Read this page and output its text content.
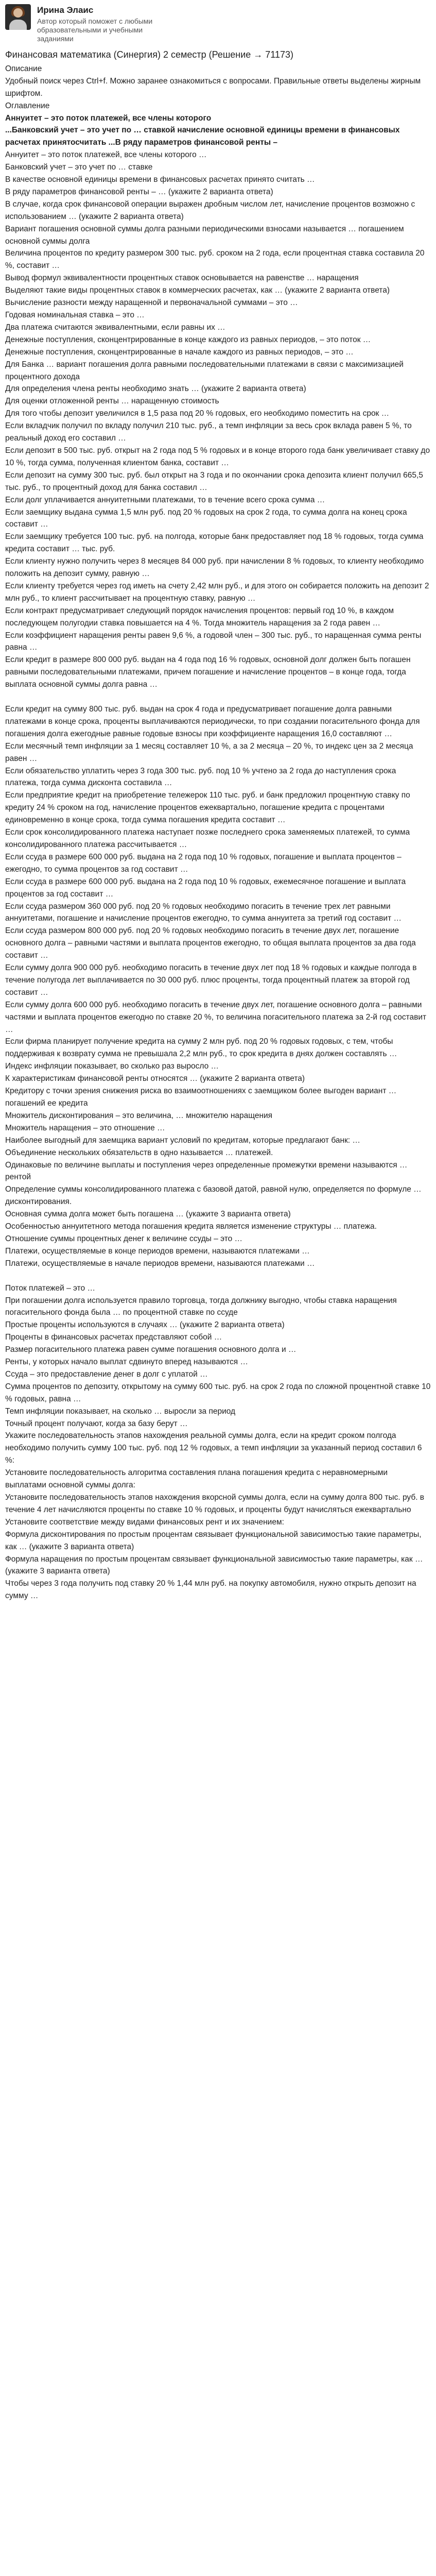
Ирина Элаис
Автор который поможет с любыми образовательными и учебными заданиями
Финансовая математика (Синергия) 2 семестр (Решение → 71173)
Описание
Удобный поиск через Ctrl+f. Можно заранее ознакомиться с вопросами. Правильные ответы выделены жирным шрифтом.
Оглавление
Аннуитет – это поток платежей, все члены которого
...Банковский учет – это учет по … ставкой начисление основной единицы времени в финансовых расчетах принятосчитать ...В ряду параметров финансовой ренты –
Аннуитет – это поток платежей, все члены которого …
Банковский учет – это учет по … ставке
В качестве основной единицы времени в финансовых расчетах принято считать …
В ряду параметров финансовой ренты – … (укажите 2 варианта ответа)
В случае, когда срок финансовой операции выражен дробным числом лет, начисление процентов возможно с использованием … (укажите 2 варианта ответа)
Вариант погашения основной суммы долга разными периодическими взносами называется … погашением основной суммы долга
Величина процентов по кредиту размером 300 тыс. руб. сроком на 2 года, если процентная ставка составила 20 %, составит …
Вывод формул эквивалентности процентных ставок основывается на равенстве … наращения
Выделяют такие виды процентных ставок в коммерческих расчетах, как … (укажите 2 варианта ответа)
Вычисление разности между наращенной и первоначальной суммами – это …
Годовая номинальная ставка – это …
Два платежа считаются эквивалентными, если равны их …
Денежные поступления, сконцентрированные в конце каждого из равных периодов, – это поток …
Денежные поступления, сконцентрированные в начале каждого из равных периодов, – это …
Для Банка … вариант погашения долга равными последовательными платежами в связи с максимизацией процентного дохода
Для определения члена ренты необходимо знать … (укажите 2 варианта ответа)
Для оценки отложенной ренты … наращенную стоимость
Для того чтобы депозит увеличился в 1,5 раза под 20 % годовых, его необходимо поместить на срок …
Если вкладчик получил по вкладу получил 210 тыс. руб., а темп инфляции за весь срок вклада равен 5 %, то реальный доход его составил …
Если депозит в 500 тыс. руб. открыт на 2 года под 5 % годовых и в конце второго года банк увеличивает ставку до 10 %, тогда сумма, полученная клиентом банка, составит …
Если депозит на сумму 300 тыс. руб. был открыт на 3 года и по окончании срока депозита клиент получил 665,5 тыс. руб., то процентный доход для банка составил …
Если долг уплачивается аннуитетными платежами, то в течение всего срока сумма …
Если заемщику выдана сумма 1,5 млн руб. под 20 % годовых на срок 2 года, то сумма долга на конец срока составит …
Если заемщику требуется 100 тыс. руб. на полгода, которые банк предоставляет под 18 % годовых, тогда сумма кредита составит … тыс. руб.
Если клиенту нужно получить через 8 месяцев 84 000 руб. при начислении 8 % годовых, то клиенту необходимо положить на депозит сумму, равную …
Если клиенту требуется через год иметь на счету 2,42 млн руб., и для этого он собирается положить на депозит 2 млн руб., то клиент рассчитывает на процентную ставку, равную …
Если контракт предусматривает следующий порядок начисления процентов: первый год 10 %, в каждом последующем полугодии ставка повышается на 4 %. Тогда множитель наращения за 2 года равен …
Если коэффициент наращения ренты равен 9,6 %, а годовой член – 300 тыс. руб., то наращенная сумма ренты равна …
Если кредит в размере 800 000 руб. выдан на 4 года под 16 % годовых, основной долг должен быть погашен равными последовательными платежами, причем погашение и начисление процентов – в конце года, тогда выплата основной суммы долга равна …

Если кредит на сумму 800 тыс. руб. выдан на срок 4 года и предусматривает погашение долга равными платежами в конце срока, проценты выплачиваются периодически, то при создании погасительного фонда для погашения долга ежегодные равные годовые взносы при коэффициенте наращения 16,0 составляют …
Если месячный темп инфляции за 1 месяц составляет 10 %, а за 2 месяца – 20 %, то индекс цен за 2 месяца равен …
Если обязательство уплатить через 3 года 300 тыс. руб. под 10 % учтено за 2 года до наступления срока платежа, тогда сумма дисконта составила …
Если предприятие кредит на приобретение тележерок 110 тыс. руб. и банк предложил процентную ставку по кредиту 24 % сроком на год, начисление процентов ежеквартально, погашение кредита с процентами единовременно в конце срока, тогда сумма погашения кредита составит …
Если срок консолидированного платежа наступает позже последнего срока заменяемых платежей, то сумма консолидированного платежа рассчитывается …
Если ссуда в размере 600 000 руб. выдана на 2 года под 10 % годовых, погашение и выплата процентов – ежегодно, то сумма процентов за год составит …
Если ссуда в размере 600 000 руб. выдана на 2 года под 10 % годовых, ежемесячное погашение и выплата процентов за год составит …
Если ссуда размером 360 000 руб. под 20 % годовых необходимо погасить в течение трех лет равными аннуитетами, погашение и начисление процентов ежегодно, то сумма аннуитета за третий год составит …
Если ссуда размером 800 000 руб. под 20 % годовых необходимо погасить в течение двух лет, погашение основного долга – равными частями и выплата процентов ежегодно, то общая выплата процентов за два года составит …
Если сумму долга 900 000 руб. необходимо погасить в течение двух лет под 18 % годовых и каждые полгода в течение полугода лет выплачивается по 30 000 руб. плюс проценты, тогда процентный платеж за второй год составит …
Если сумму долга 600 000 руб. необходимо погасить в течение двух лет, погашение основного долга – равными частями и выплата процентов ежегодно по ставке 20 %, то величина погасительного платежа за 2-й год составит …
Если фирма планирует получение кредита на сумму 2 млн руб. под 20 % годовых годовых, с тем, чтобы поддерживая к возврату сумма не превышала 2,2 млн руб., то срок кредита в днях должен составлять …
Индекс инфляции показывает, во сколько раз выросло …
К характеристикам финансовой ренты относятся … (укажите 2 варианта ответа)
Кредитору с точки зрения снижения риска во взаимоотношениях с заемщиком более выгоден вариант … погашений ее кредита
Множитель дисконтирования – это величина, … множителю наращения
Множитель наращения – это отношение …
Наиболее выгодный для заемщика вариант условий по кредитам, которые предлагают банк: …
Объединение нескольких обязательств в одно называется … платежей.
Одинаковые по величине выплаты и поступления через определенные промежутки времени называются … рентой
Определение суммы консолидированного платежа с базовой датой, равной нулю, определяется по формуле … дисконтирования.
Основная сумма долга может быть погашена … (укажите 3 варианта ответа)
Особенностью аннуитетного метода погашения кредита является изменение структуры … платежа.
Отношение суммы процентных денег к величине ссуды – это …
Платежи, осуществляемые в конце периодов времени, называются платежами …
Платежи, осуществляемые в начале периодов времени, называются платежами …

Поток платежей – это …
При погашении долга используется правило торговца, тогда должнику выгодно, чтобы ставка наращения погасительного фонда была … по процентной ставке по ссуде
Простые проценты используются в случаях … (укажите 2 варианта ответа)
Проценты в финансовых расчетах представляют собой …
Размер погасительного платежа равен сумме погашения основного долга и …
Ренты, у которых начало выплат сдвинуто вперед называются …
Ссуда – это предоставление денег в долг с уплатой …
Сумма процентов по депозиту, открытому на сумму 600 тыс. руб. на срок 2 года по сложной процентной ставке 10 % годовых, равна …
Темп инфляции показывает, на сколько … выросли за период
Точный процент получают, когда за базу берут …
Укажите последовательность этапов нахождения реальной суммы долга, если на кредит сроком полгода необходимо получить сумму 100 тыс. руб. под 12 % годовых, а темп инфляции за указанный период составил 6 %:
Установите последовательность алгоритма составления плана погашения кредита с неравномерными выплатами основной суммы долга:
Установите последовательность этапов нахождения вкорсной суммы долга, если на сумму долга 800 тыс. руб. в течение 4 лет начисляются проценты по ставке 10 % годовых, и проценты будут начисляться ежеквартально
Установите соответствие между видами финансовых рент и их значением:
Формула дисконтирования по простым процентам связывает функциональной зависимостью такие параметры, как … (укажите 3 варианта ответа)
Формула наращения по простым процентам связывает функциональной зависимостью такие параметры, как … (укажите 3 варианта ответа)
Чтобы через 3 года получить под ставку 20 % 1,44 млн руб. на покупку автомобиля, нужно открыть депозит на сумму …
